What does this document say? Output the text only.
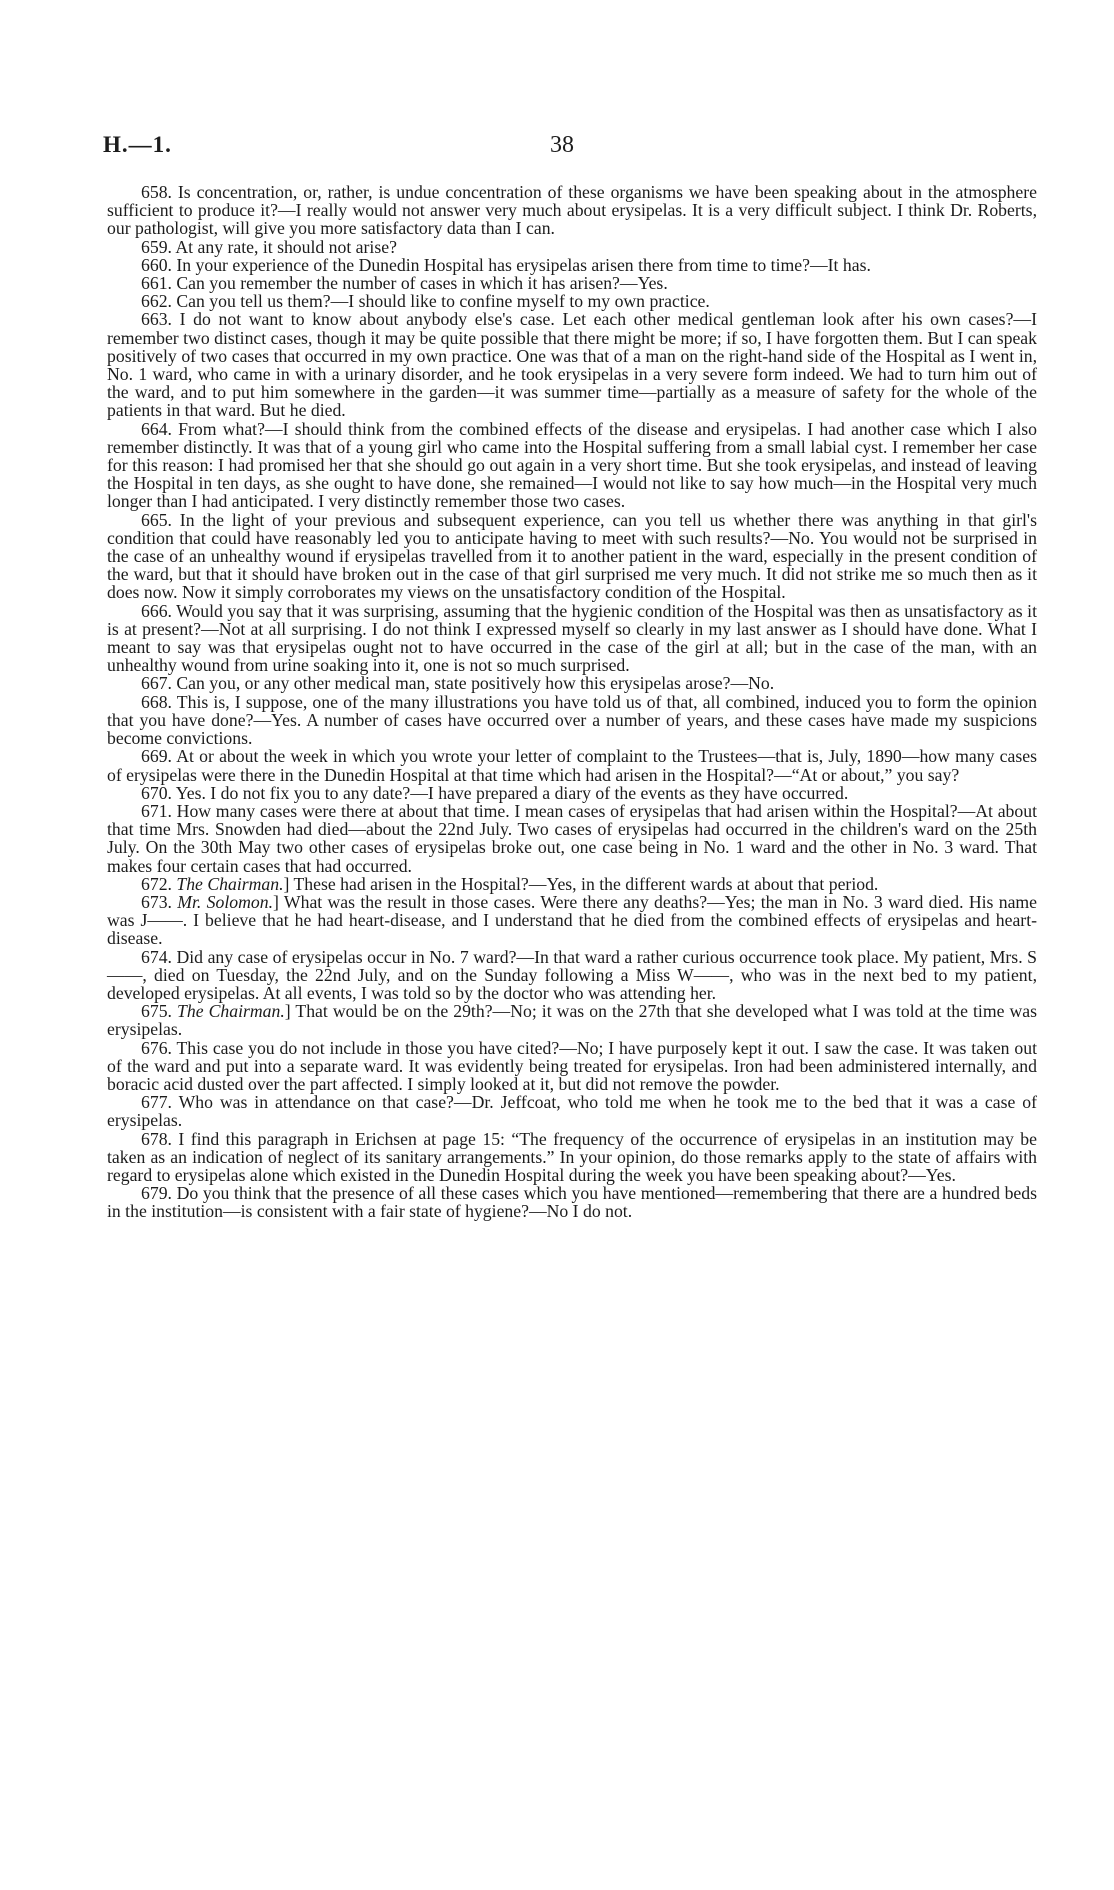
H.—1.	38

658. Is concentration, or, rather, is undue concentration of these organisms we have been speaking about in the atmosphere sufficient to produce it?—I really would not answer very much about erysipelas. It is a very difficult subject. I think Dr. Roberts, our pathologist, will give you more satisfactory data than I can.

659. At any rate, it should not arise?

660. In your experience of the Dunedin Hospital has erysipelas arisen there from time to time?—It has.

661. Can you remember the number of cases in which it has arisen?—Yes.

662. Can you tell us them?—I should like to confine myself to my own practice.

663. I do not want to know about anybody else's case. Let each other medical gentleman look after his own cases?—I remember two distinct cases, though it may be quite possible that there might be more; if so, I have forgotten them. But I can speak positively of two cases that occurred in my own practice. One was that of a man on the right-hand side of the Hospital as I went in, No. 1 ward, who came in with a urinary disorder, and he took erysipelas in a very severe form indeed. We had to turn him out of the ward, and to put him somewhere in the garden—it was summer time—partially as a measure of safety for the whole of the patients in that ward. But he died.

664. From what?—I should think from the combined effects of the disease and erysipelas. I had another case which I also remember distinctly. It was that of a young girl who came into the Hospital suffering from a small labial cyst. I remember her case for this reason: I had promised her that she should go out again in a very short time. But she took erysipelas, and instead of leaving the Hospital in ten days, as she ought to have done, she remained—I would not like to say how much—in the Hospital very much longer than I had anticipated. I very distinctly remember those two cases.

665. In the light of your previous and subsequent experience, can you tell us whether there was anything in that girl's condition that could have reasonably led you to anticipate having to meet with such results?—No. You would not be surprised in the case of an unhealthy wound if erysipelas travelled from it to another patient in the ward, especially in the present condition of the ward, but that it should have broken out in the case of that girl surprised me very much. It did not strike me so much then as it does now. Now it simply corroborates my views on the unsatisfactory condition of the Hospital.

666. Would you say that it was surprising, assuming that the hygienic condition of the Hospital was then as unsatisfactory as it is at present?—Not at all surprising. I do not think I expressed myself so clearly in my last answer as I should have done. What I meant to say was that erysipelas ought not to have occurred in the case of the girl at all; but in the case of the man, with an unhealthy wound from urine soaking into it, one is not so much surprised.

667. Can you, or any other medical man, state positively how this erysipelas arose?—No.

668. This is, I suppose, one of the many illustrations you have told us of that, all combined, induced you to form the opinion that you have done?—Yes. A number of cases have occurred over a number of years, and these cases have made my suspicions become convictions.

669. At or about the week in which you wrote your letter of complaint to the Trustees—that is, July, 1890—how many cases of erysipelas were there in the Dunedin Hospital at that time which had arisen in the Hospital?—“At or about,” you say?

670. Yes. I do not fix you to any date?—I have prepared a diary of the events as they have occurred.

671. How many cases were there at about that time. I mean cases of erysipelas that had arisen within the Hospital?—At about that time Mrs. Snowden had died—about the 22nd July. Two cases of erysipelas had occurred in the children's ward on the 25th July. On the 30th May two other cases of erysipelas broke out, one case being in No. 1 ward and the other in No. 3 ward. That makes four certain cases that had occurred.

672. The Chairman.] These had arisen in the Hospital?—Yes, in the different wards at about that period.

673. Mr. Solomon.] What was the result in those cases. Were there any deaths?—Yes; the man in No. 3 ward died. His name was J——. I believe that he had heart-disease, and I understand that he died from the combined effects of erysipelas and heart-disease.

674. Did any case of erysipelas occur in No. 7 ward?—In that ward a rather curious occurrence took place. My patient, Mrs. S——, died on Tuesday, the 22nd July, and on the Sunday following a Miss W——, who was in the next bed to my patient, developed erysipelas. At all events, I was told so by the doctor who was attending her.

675. The Chairman.] That would be on the 29th?—No; it was on the 27th that she developed what I was told at the time was erysipelas.

676. This case you do not include in those you have cited?—No; I have purposely kept it out. I saw the case. It was taken out of the ward and put into a separate ward. It was evidently being treated for erysipelas. Iron had been administered internally, and boracic acid dusted over the part affected. I simply looked at it, but did not remove the powder.

677. Who was in attendance on that case?—Dr. Jeffcoat, who told me when he took me to the bed that it was a case of erysipelas.

678. I find this paragraph in Erichsen at page 15: “The frequency of the occurrence of erysipelas in an institution may be taken as an indication of neglect of its sanitary arrangements.” In your opinion, do those remarks apply to the state of affairs with regard to erysipelas alone which existed in the Dunedin Hospital during the week you have been speaking about?—Yes.

679. Do you think that the presence of all these cases which you have mentioned—remembering that there are a hundred beds in the institution—is consistent with a fair state of hygiene?—No I do not.
